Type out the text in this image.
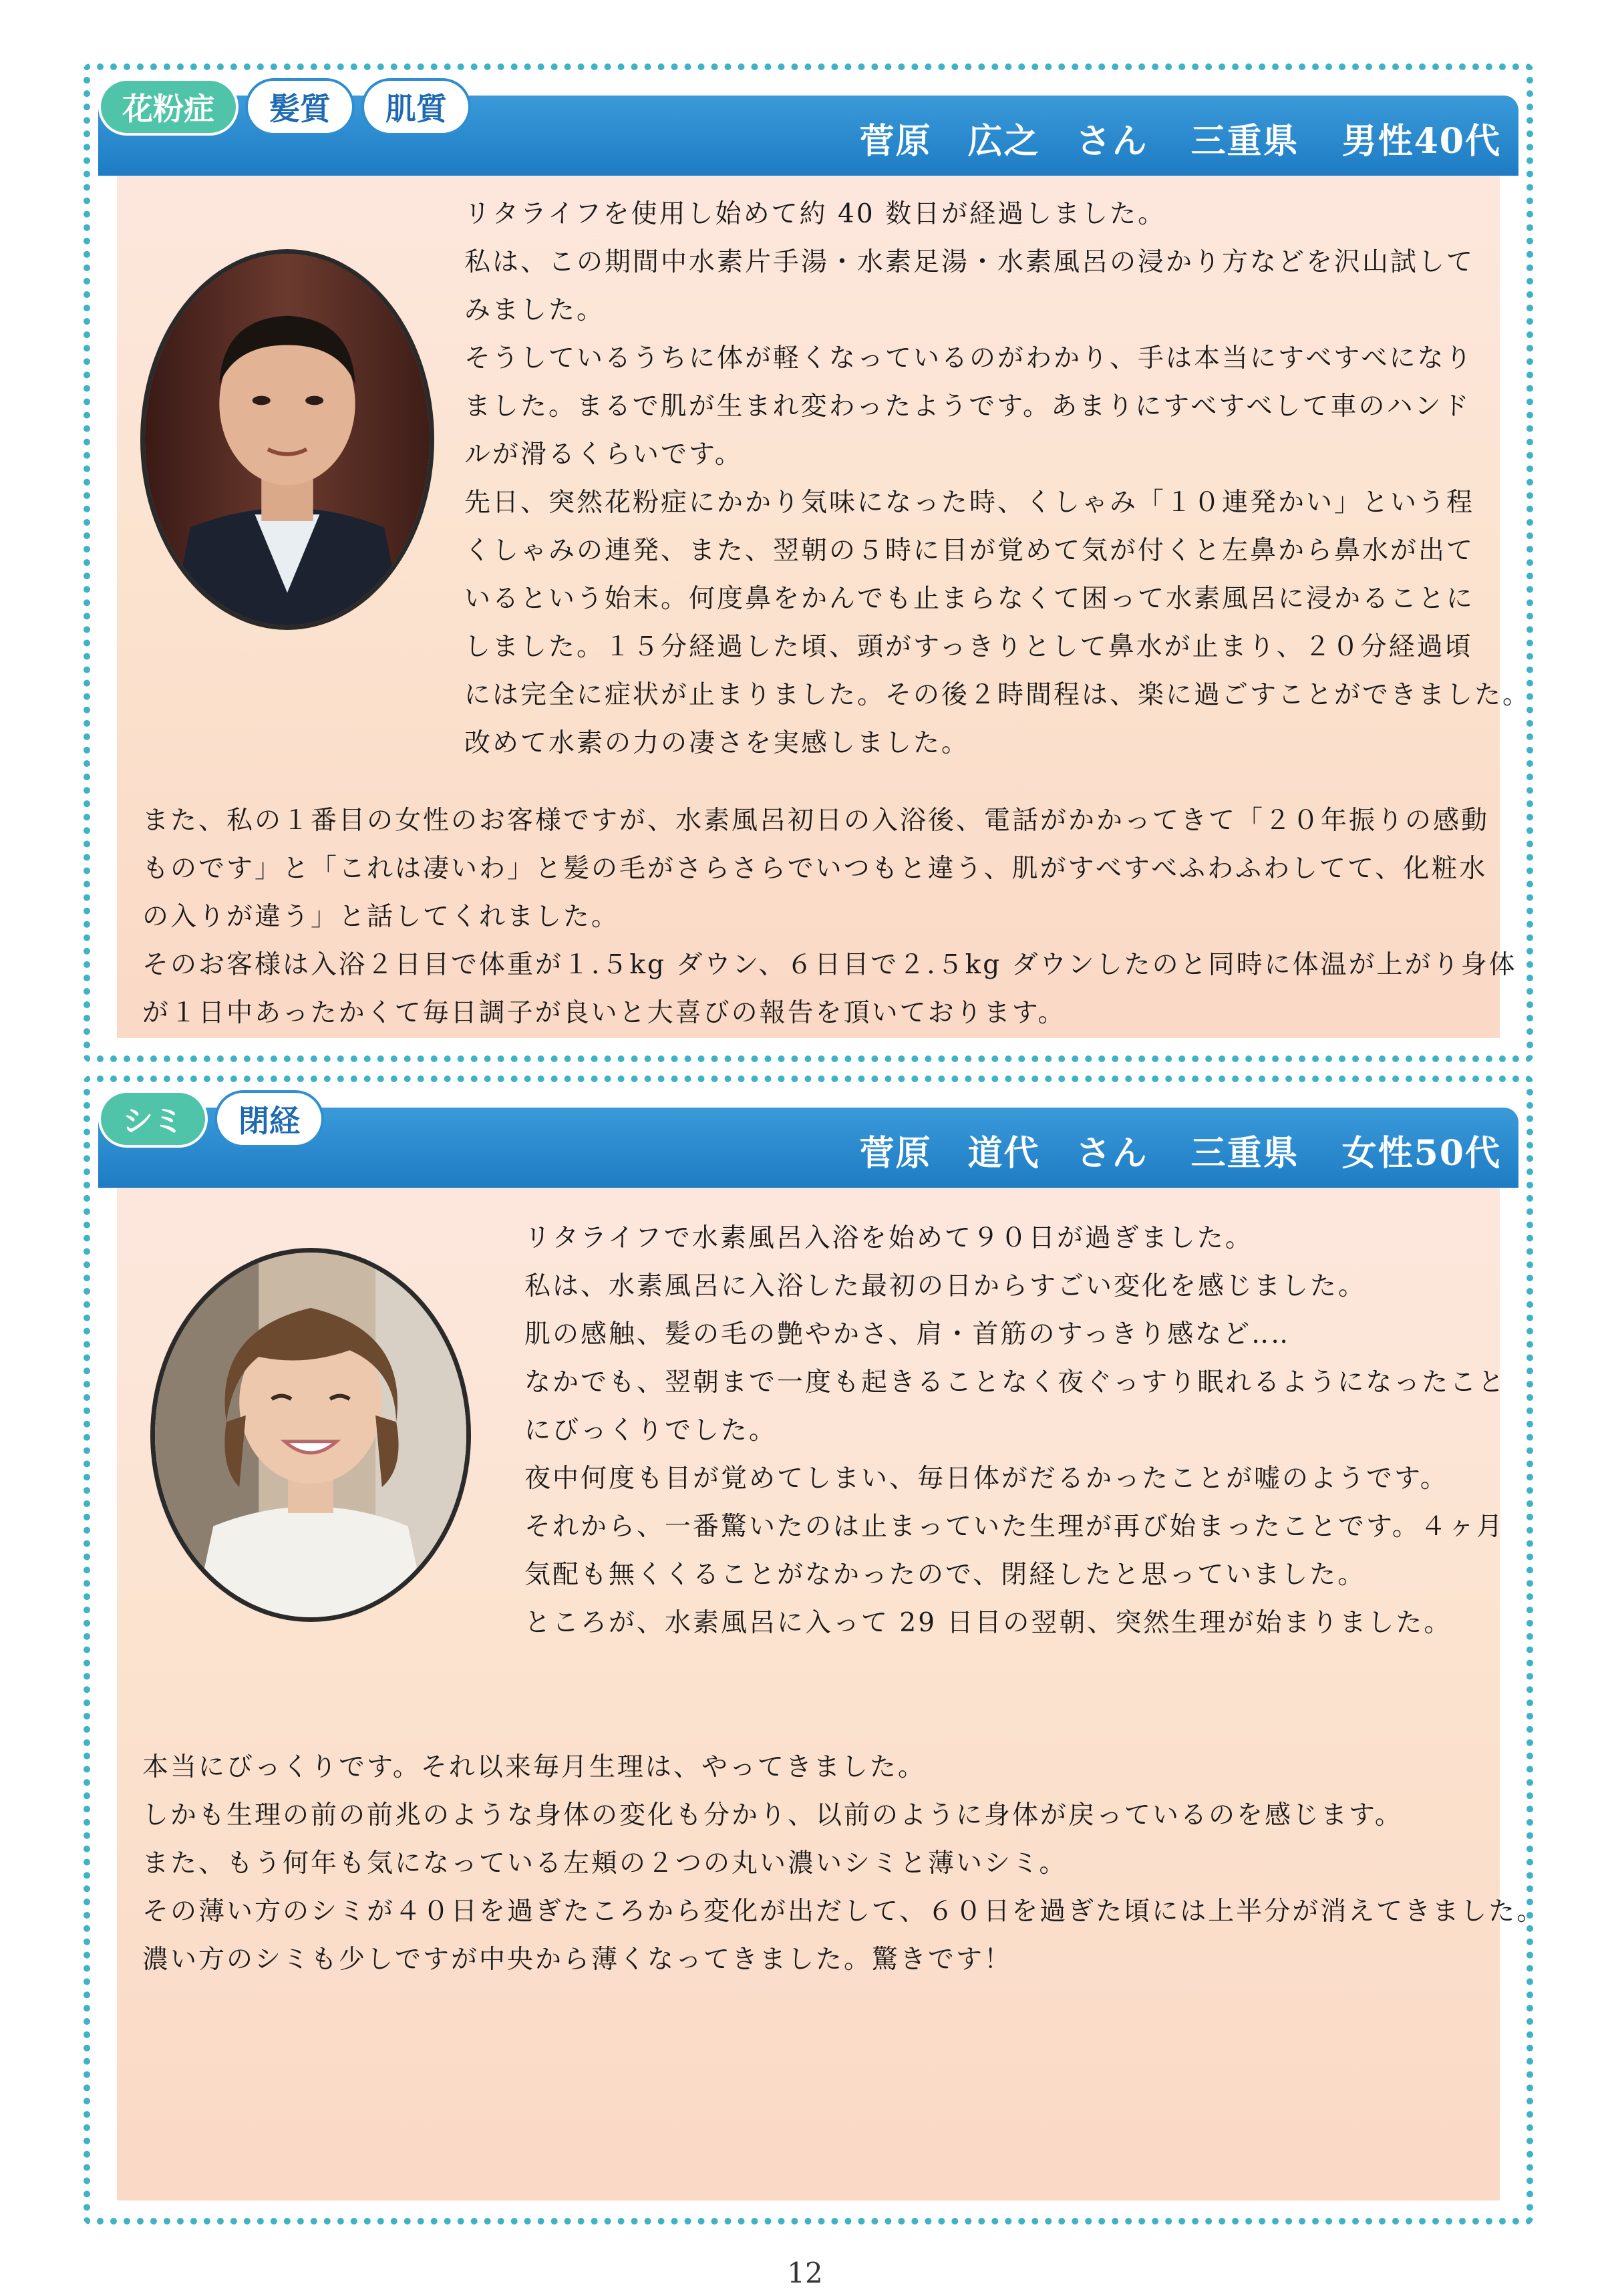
菅原　広之　さん 三重県 男性40代
花粉症	髪質	肌質

リタライフを使用し始めて約 40 数日が経過しました。

私は、この期間中水素片手湯・水素足湯・水素風呂の浸かり方などを沢山試して

みました。

そうしているうちに体が軽くなっているのがわかり、手は本当にすべすべになり

ました。まるで肌が生まれ変わったようです。あまりにすべすべして車のハンド

ルが滑るくらいです。

先日、突然花粉症にかかり気味になった時、くしゃみ「１０連発かい」という程

くしゃみの連発、また、翌朝の５時に目が覚めて気が付くと左鼻から鼻水が出て

いるという始末。何度鼻をかんでも止まらなくて困って水素風呂に浸かることに

しました。１５分経過した頃、頭がすっきりとして鼻水が止まり、２０分経過頃

には完全に症状が止まりました。その後２時間程は、楽に過ごすことができました。

改めて水素の力の凄さを実感しました。

また、私の１番目の女性のお客様ですが、水素風呂初日の入浴後、電話がかかってきて「２０年振りの感動

ものです」と「これは凄いわ」と髪の毛がさらさらでいつもと違う、肌がすべすべふわふわしてて、化粧水

の入りが違う」と話してくれました。

そのお客様は入浴２日目で体重が１.５kg ダウン、６日目で２.５kg ダウンしたのと同時に体温が上がり身体

が１日中あったかくて毎日調子が良いと大喜びの報告を頂いております。

菅原　道代　さん 三重県 女性50代
シミ	閉経

リタライフで水素風呂入浴を始めて９０日が過ぎました。

私は、水素風呂に入浴した最初の日からすごい変化を感じました。

肌の感触、髪の毛の艶やかさ、肩・首筋のすっきり感など‥‥

なかでも、翌朝まで一度も起きることなく夜ぐっすり眠れるようになったこと

にびっくりでした。

夜中何度も目が覚めてしまい、毎日体がだるかったことが嘘のようです。

それから、一番驚いたのは止まっていた生理が再び始まったことです。４ヶ月

気配も無くくることがなかったので、閉経したと思っていました。

ところが、水素風呂に入って 29 日目の翌朝、突然生理が始まりました。

本当にびっくりです。それ以来毎月生理は、やってきました。

しかも生理の前の前兆のような身体の変化も分かり、以前のように身体が戻っているのを感じます。

また、もう何年も気になっている左頬の２つの丸い濃いシミと薄いシミ。

その薄い方のシミが４０日を過ぎたころから変化が出だして、６０日を過ぎた頃には上半分が消えてきました。

濃い方のシミも少しですが中央から薄くなってきました。驚きです！

12
